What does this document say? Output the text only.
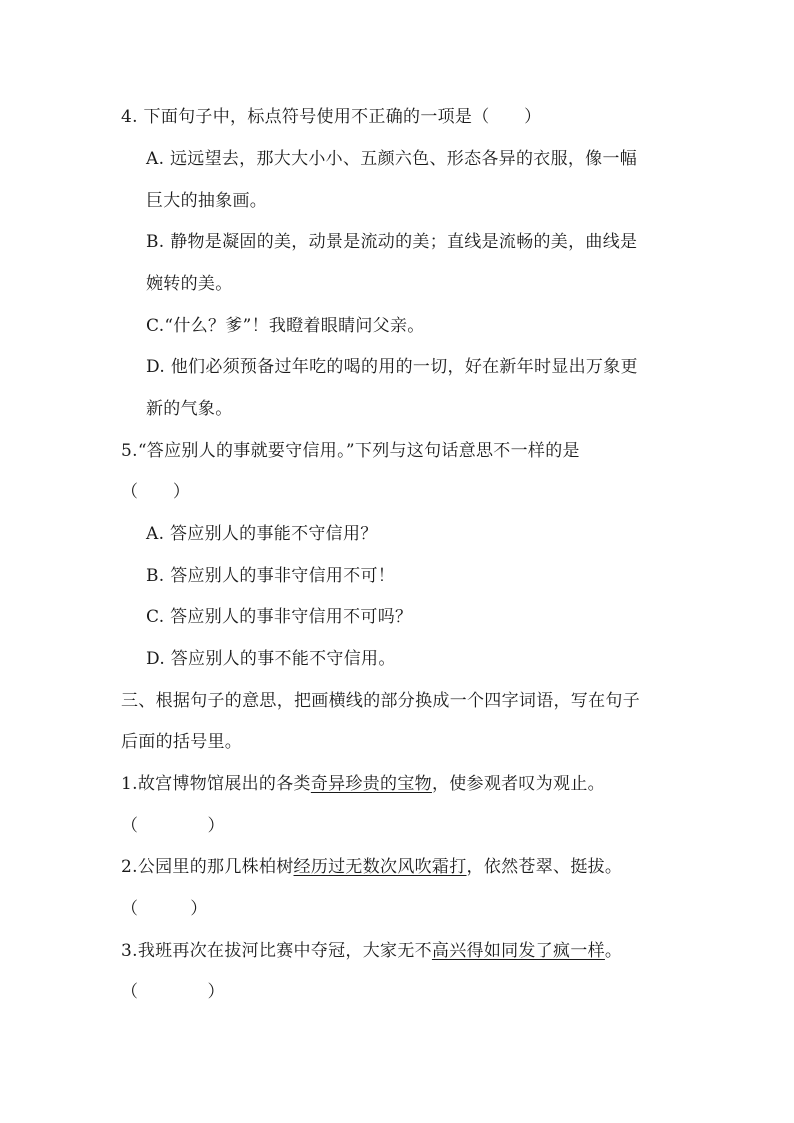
4. 下面句子中，标点符号使用不正确的一项是（　　）
A. 远远望去，那大大小小、五颜六色、形态各异的衣服，像一幅
巨大的抽象画。
B. 静物是凝固的美，动景是流动的美；直线是流畅的美，曲线是
婉转的美。
C.“什么？爹”！我瞪着眼睛问父亲。
D. 他们必须预备过年吃的喝的用的一切，好在新年时显出万象更
新的气象。
5.“答应别人的事就要守信用。”下列与这句话意思不一样的是
（　　）
A. 答应别人的事能不守信用？
B. 答应别人的事非守信用不可！
C. 答应别人的事非守信用不可吗？
D. 答应别人的事不能不守信用。
三、根据句子的意思，把画横线的部分换成一个四字词语，写在句子
后面的括号里。
1.故宫博物馆展出的各类奇异珍贵的宝物，使参观者叹为观止。
（　　　　）
2.公园里的那几株柏树经历过无数次风吹霜打，依然苍翠、挺拔。
（　　　）
3.我班再次在拔河比赛中夺冠，大家无不高兴得如同发了疯一样。
（　　　　）
